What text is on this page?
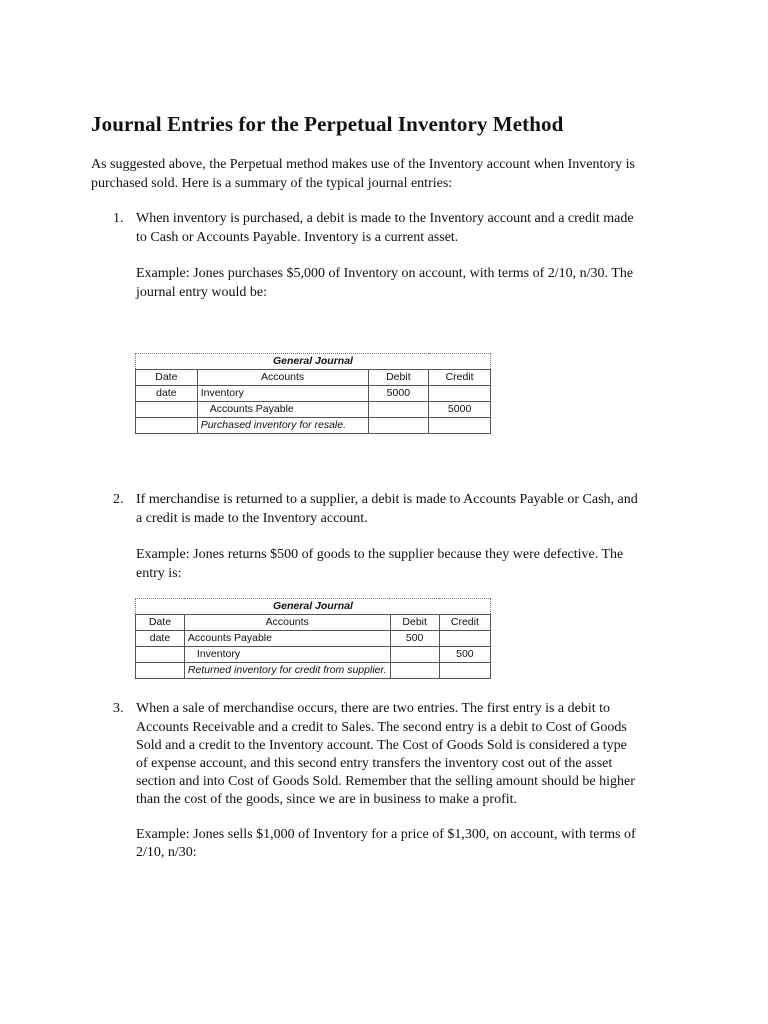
Journal Entries for the Perpetual Inventory Method

As suggested above, the Perpetual method makes use of the Inventory account when Inventory is

purchased sold. Here is a summary of the typical journal entries:

1. When inventory is purchased, a debit is made to the Inventory account and a credit made

to Cash or Accounts Payable. Inventory is a current asset.

Example: Jones purchases $5,000 of Inventory on account, with terms of 2/10, n/30. The

journal entry would be:

General Journal			
Date	Accounts	Debit	Credit
date	Inventory	5000	
	Accounts Payable		5000
	Purchased inventory for resale.		
2. If merchandise is returned to a supplier, a debit is made to Accounts Payable or Cash, and

a credit is made to the Inventory account.

Example: Jones returns $500 of goods to the supplier because they were defective. The

entry is:

General Journal			
Date	Accounts	Debit	Credit
date	Accounts Payable	500	
	Inventory		500
	Returned inventory for credit from supplier.		
3. When a sale of merchandise occurs, there are two entries. The first entry is a debit to

Accounts Receivable and a credit to Sales. The second entry is a debit to Cost of Goods

Sold and a credit to the Inventory account. The Cost of Goods Sold is considered a type

of expense account, and this second entry transfers the inventory cost out of the asset

section and into Cost of Goods Sold. Remember that the selling amount should be higher

than the cost of the goods, since we are in business to make a profit.

Example: Jones sells $1,000 of Inventory for a price of $1,300, on account, with terms of

2/10, n/30:
